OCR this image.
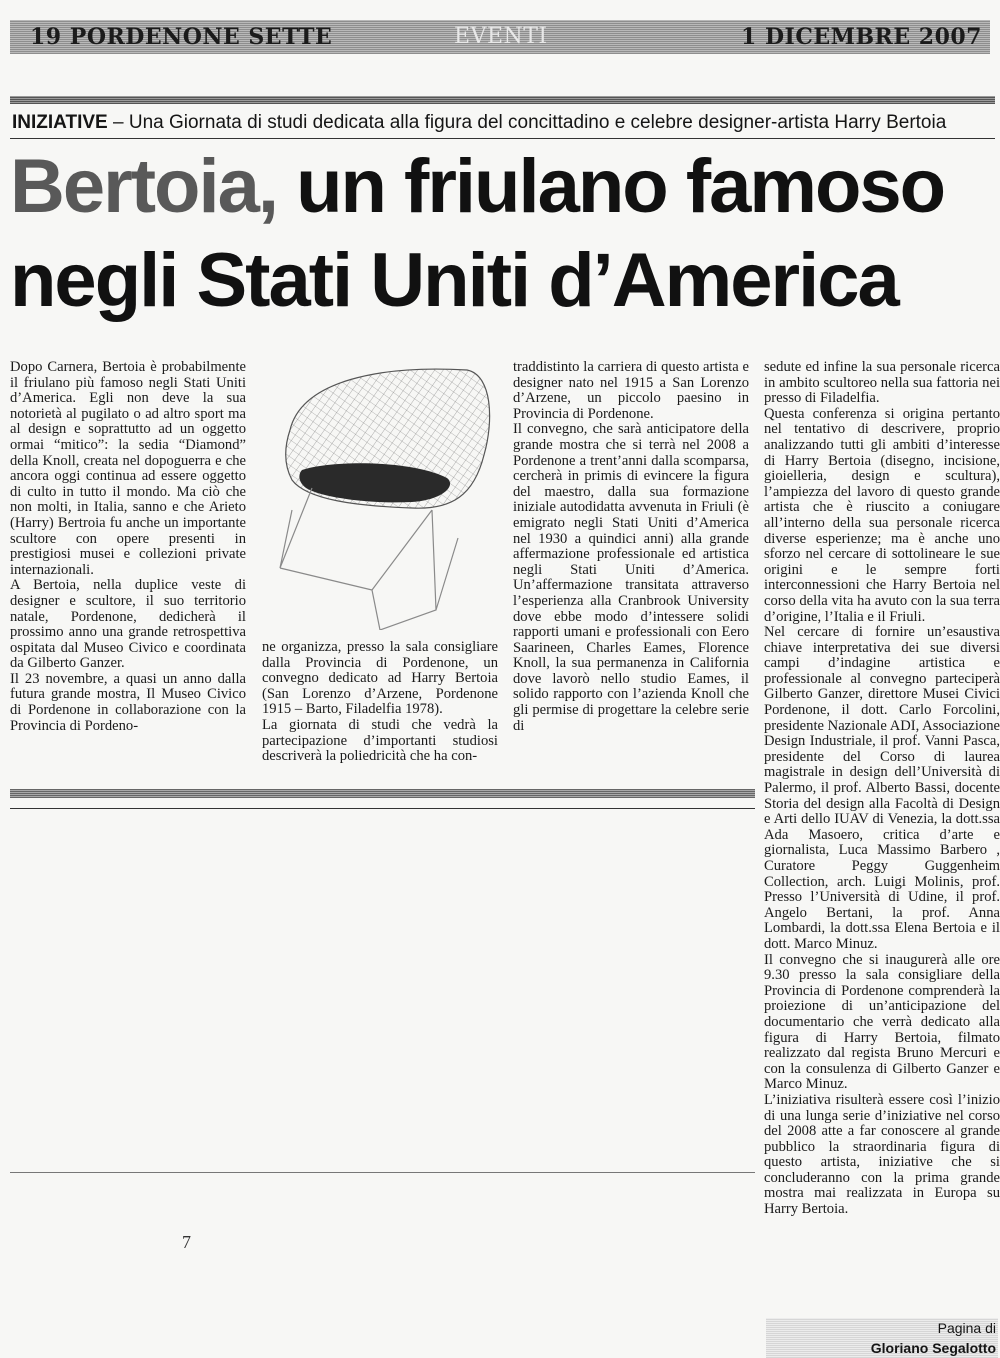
19 PORDENONE SETTE	EVENTI	1 DICEMBRE 2007
INIZIATIVE – Una Giornata di studi dedicata alla figura del concittadino e celebre designer-artista Harry Bertoia
Bertoia, un friulano famoso
negli Stati Uniti d’America

Dopo Carnera, Bertoia è probabilmente il friulano più famoso negli Stati Uniti d’America. Egli non deve la sua notorietà al pugilato o ad altro sport ma al design e soprattutto ad un oggetto ormai “mitico”: la sedia “Diamond” della Knoll, creata nel dopoguerra e che ancora oggi continua ad essere oggetto di culto in tutto il mondo. Ma ciò che non molti, in Italia, sanno e che Arieto (Harry) Bertroia fu anche un importante scultore con opere presenti in prestigiosi musei e collezioni private internazionali.

A Bertoia, nella duplice veste di designer e scultore, il suo territorio natale, Pordenone, dedicherà il prossimo anno una grande retrospettiva ospitata dal Museo Civico e coordinata da Gilberto Ganzer.

Il 23 novembre, a quasi un anno dalla futura grande mostra, Il Museo Civico di Pordenone in collaborazione con la Provincia di Pordeno-

ne organizza, presso la sala consigliare dalla Provincia di Pordenone, un convegno dedicato ad Harry Bertoia (San Lorenzo d’Arzene, Pordenone 1915 – Barto, Filadelfia 1978).

La giornata di studi che vedrà la partecipazione d’importanti studiosi descriverà la poliedricità che ha con-

traddistinto la carriera di questo artista e designer nato nel 1915 a San Lorenzo d’Arzene, un piccolo paesino in Provincia di Pordenone.

Il convegno, che sarà anticipatore della grande mostra che si terrà nel 2008 a Pordenone a trent’anni dalla scomparsa, cercherà in primis di evincere la figura del maestro, dalla sua formazione iniziale autodidatta avvenuta in Friuli (è emigrato negli Stati Uniti d’America nel 1930 a quindici anni) alla grande affermazione professionale ed artistica negli Stati Uniti d’America. Un’affermazione transitata attraverso l’esperienza alla Cranbrook University dove ebbe modo d’intessere solidi rapporti umani e professionali con Eero Saarineen, Charles Eames, Florence Knoll, la sua permanenza in California dove lavorò nello studio Eames, il solido rapporto con l’azienda Knoll che gli permise di progettare la celebre serie di

sedute ed infine la sua personale ricerca in ambito scultoreo nella sua fattoria nei presso di Filadelfia.

Questa conferenza si origina pertanto nel tentativo di descrivere, proprio analizzando tutti gli ambiti d’interesse di Harry Bertoia (disegno, incisione, gioielleria, design e scultura), l’ampiezza del lavoro di questo grande artista che è riuscito a coniugare all’interno della sua personale ricerca diverse esperienze; ma è anche uno sforzo nel cercare di sottolineare le sue origini e le sempre forti interconnessioni che Harry Bertoia nel corso della vita ha avuto con la sua terra d’origine, l’Italia e il Friuli.

Nel cercare di fornire un’esaustiva chiave interpretativa dei sue diversi campi d’indagine artistica e professionale al convegno parteciperà Gilberto Ganzer, direttore Musei Civici Pordenone, il dott. Carlo Forcolini, presidente Nazionale ADI, Associazione Design Industriale, il prof. Vanni Pasca, presidente del Corso di laurea magistrale in design dell’Università di Palermo, il prof. Alberto Bassi, docente Storia del design alla Facoltà di Design e Arti dello IUAV di Venezia, la dott.ssa Ada Masoero, critica d’arte e giornalista, Luca Massimo Barbero , Curatore Peggy Guggenheim Collection, arch. Luigi Molinis, prof. Presso l’Università di Udine, il prof. Angelo Bertani, la prof. Anna Lombardi, la dott.ssa Elena Bertoia e il dott. Marco Minuz.

Il convegno che si inaugurerà alle ore 9.30 presso la sala consigliare della Provincia di Pordenone comprenderà la proiezione di un’anticipazione del documentario che verrà dedicato alla figura di Harry Bertoia, filmato realizzato dal regista Bruno Mercuri e con la consulenza di Gilberto Ganzer e Marco Minuz.

L’iniziativa risulterà essere così l’inizio di una lunga serie d’iniziative nel corso del 2008 atte a far conoscere al grande pubblico la straordinaria figura di questo artista, iniziative che si concluderanno con la prima grande mostra mai realizzata in Europa su Harry Bertoia.

7
Pagina di
Gloriano Segalotto
